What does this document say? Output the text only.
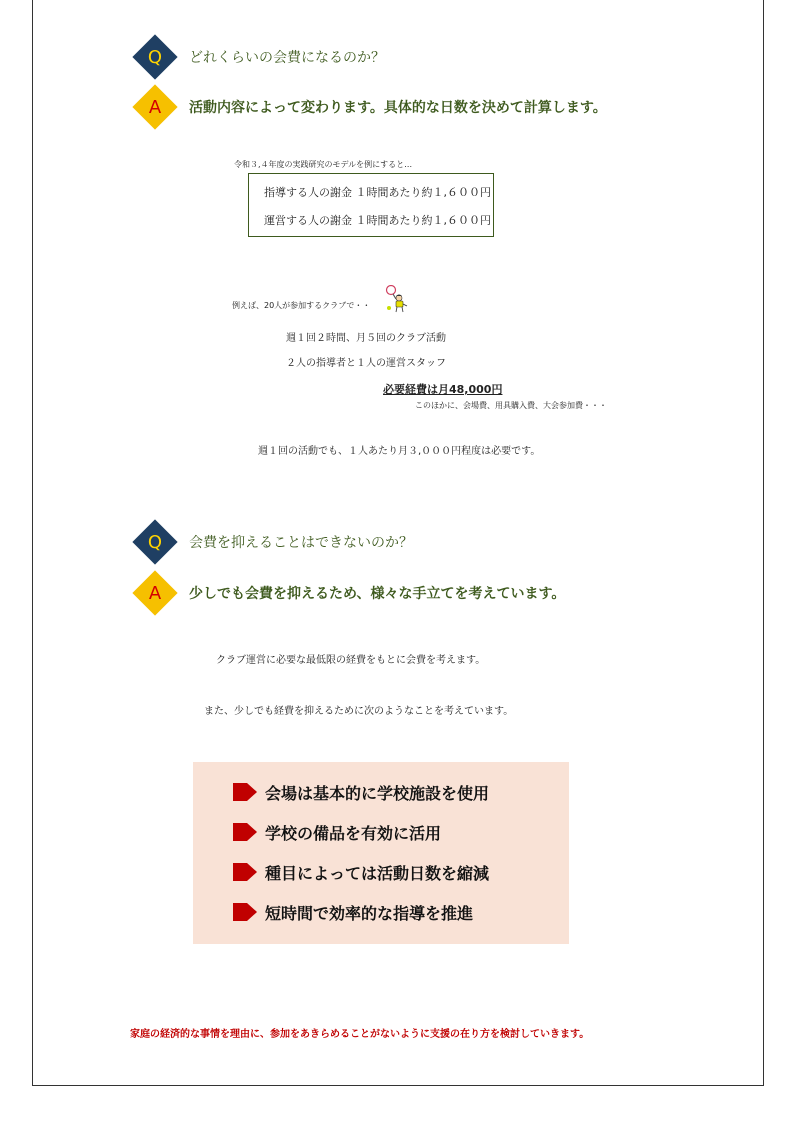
Q	どれくらいの会費になるのか？
A	活動内容によって変わります。具体的な日数を決めて計算します。
令和３,４年度の実践研究のモデルを例にすると…
指導する人の謝金 １時間あたり約１,６００円
運営する人の謝金 １時間あたり約１,６００円
例えば、20人が参加するクラブで・・
週１回２時間、月５回のクラブ活動
２人の指導者と１人の運営スタッフ
必要経費は月48,000円
このほかに、会場費、用具購入費、大会参加費・・・
週１回の活動でも、１人あたり月３,０００円程度は必要です。
Q	会費を抑えることはできないのか？
A	少しでも会費を抑えるため、様々な手立てを考えています。
クラブ運営に必要な最低限の経費をもとに会費を考えます。
また、少しでも経費を抑えるために次のようなことを考えています。
会場は基本的に学校施設を使用
学校の備品を有効に活用
種目によっては活動日数を縮減
短時間で効率的な指導を推進
家庭の経済的な事情を理由に、参加をあきらめることがないように支援の在り方を検討していきます。
